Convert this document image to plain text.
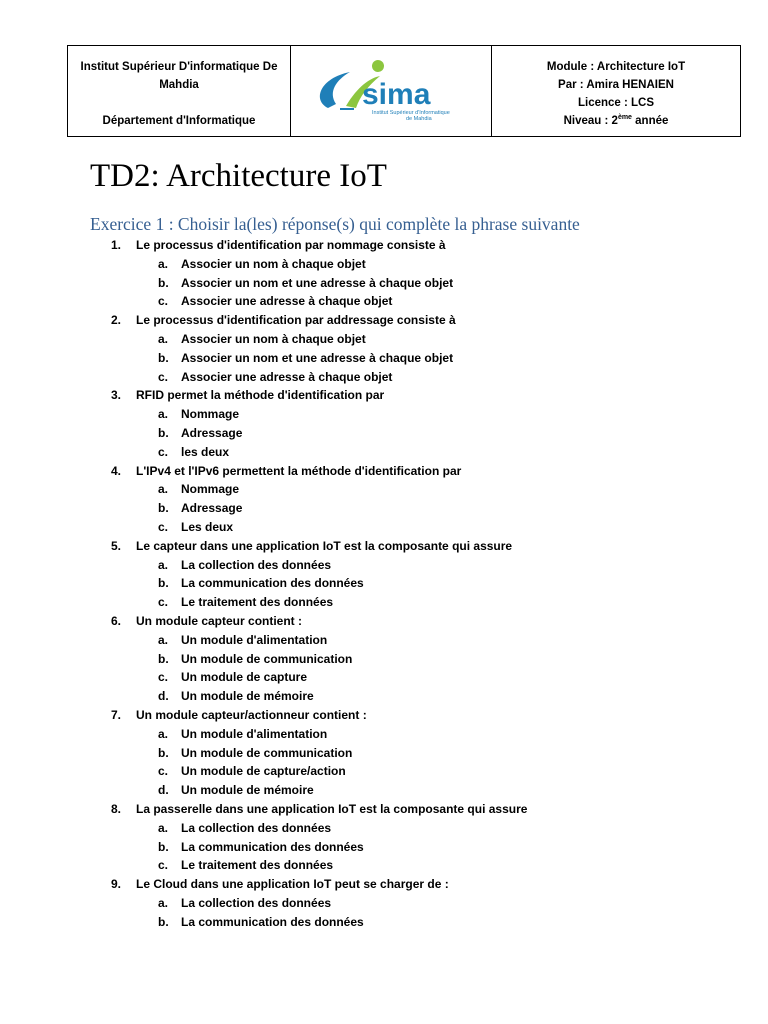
Institut Supérieur D'informatique De
Mahdia
Département d'Informatique
sima
Institut Supérieur d'Informatique
de Mahdia
Module : Architecture IoT
Par : Amira HENAIEN
Licence : LCS
Niveau : 2ème année
TD2: Architecture IoT
Exercice 1 : Choisir la(les) réponse(s) qui complète la phrase suivante
1. Le processus d'identification par nommage consiste à
a. Associer un nom à chaque objet
b. Associer un nom et une adresse à chaque objet
c. Associer une adresse à chaque objet
2. Le processus d'identification par addressage consiste à
a. Associer un nom à chaque objet
b. Associer un nom et une adresse à chaque objet
c. Associer une adresse à chaque objet
3. RFID permet la méthode d'identification par
a. Nommage
b. Adressage
c. les deux
4. L'IPv4 et l'IPv6 permettent la méthode d'identification par
a. Nommage
b. Adressage
c. Les deux
5. Le capteur dans une application IoT est la composante qui assure
a. La collection des données
b. La communication des données
c. Le traitement des données
6. Un module capteur contient :
a. Un module d'alimentation
b. Un module de communication
c. Un module de capture
d. Un module de mémoire
7. Un module capteur/actionneur contient :
a. Un module d'alimentation
b. Un module de communication
c. Un module de capture/action
d. Un module de mémoire
8. La passerelle dans une application IoT est la composante qui assure
a. La collection des données
b. La communication des données
c. Le traitement des données
9. Le Cloud dans une application IoT peut se charger de :
a. La collection des données
b. La communication des données
